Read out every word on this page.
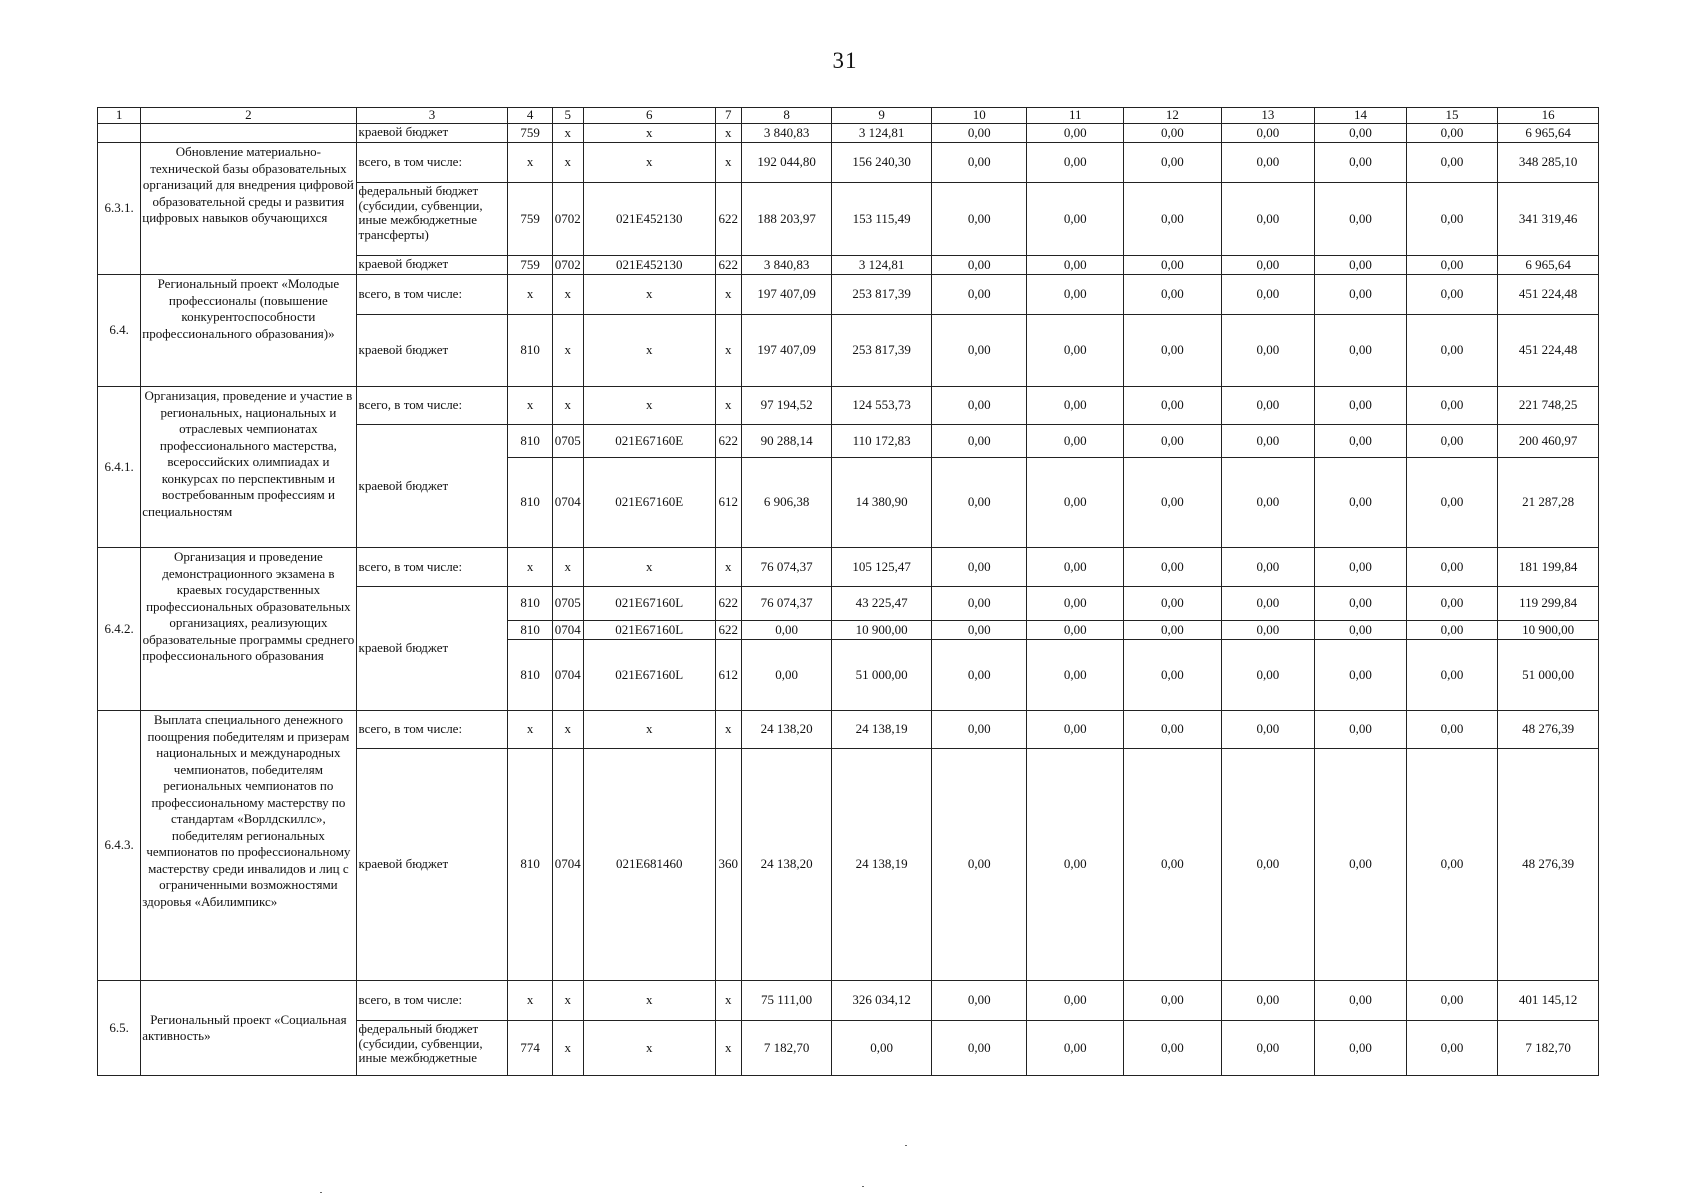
31
1	2	3	4	5	6	7	8	9	10	11	12	13	14	15	16
		краевой бюджет	759	x	x	x	3 840,83	3 124,81	0,00	0,00	0,00	0,00	0,00	0,00	6 965,64
6.3.1.	Обновление материально-технической базы образовательных организаций для внедрения цифровой образовательной среды и развития цифровых навыков обучающихся	всего, в том числе:	x	x	x	x	192 044,80	156 240,30	0,00	0,00	0,00	0,00	0,00	0,00	348 285,10
		федеральный бюджет (субсидии, субвенции, иные межбюджетные трансферты)	759	0702	021E452130	622	188 203,97	153 115,49	0,00	0,00	0,00	0,00	0,00	0,00	341 319,46
		краевой бюджет	759	0702	021E452130	622	3 840,83	3 124,81	0,00	0,00	0,00	0,00	0,00	0,00	6 965,64
6.4.	Региональный проект «Молодые профессионалы (повышение конкурентоспособности профессионального образования)»	всего, в том числе:	x	x	x	x	197 407,09	253 817,39	0,00	0,00	0,00	0,00	0,00	0,00	451 224,48
		краевой бюджет	810	x	x	x	197 407,09	253 817,39	0,00	0,00	0,00	0,00	0,00	0,00	451 224,48
6.4.1.	Организация, проведение и участие в региональных, национальных и отраслевых чемпионатах профессионального мастерства, всероссийских олимпиадах и конкурсах по перспективным и востребованным профессиям и специальностям	всего, в том числе:	x	x	x	x	97 194,52	124 553,73	0,00	0,00	0,00	0,00	0,00	0,00	221 748,25
		краевой бюджет	810	0705	021E67160E	622	90 288,14	110 172,83	0,00	0,00	0,00	0,00	0,00	0,00	200 460,97
			810	0704	021E67160E	612	6 906,38	14 380,90	0,00	0,00	0,00	0,00	0,00	0,00	21 287,28
6.4.2.	Организация и проведение демонстрационного экзамена в краевых государственных профессиональных образовательных организациях, реализующих образовательные программы среднего профессионального образования	всего, в том числе:	x	x	x	x	76 074,37	105 125,47	0,00	0,00	0,00	0,00	0,00	0,00	181 199,84
		краевой бюджет	810	0705	021E67160L	622	76 074,37	43 225,47	0,00	0,00	0,00	0,00	0,00	0,00	119 299,84
			810	0704	021E67160L	622	0,00	10 900,00	0,00	0,00	0,00	0,00	0,00	0,00	10 900,00
			810	0704	021E67160L	612	0,00	51 000,00	0,00	0,00	0,00	0,00	0,00	0,00	51 000,00
6.4.3.	Выплата специального денежного поощрения победителям и призерам национальных и международных чемпионатов, победителям региональных чемпионатов по профессиональному мастерству по стандартам «Ворлдскиллс», победителям региональных чемпионатов по профессиональному мастерству среди инвалидов и лиц с ограниченными возможностями здоровья «Абилимпикс»	всего, в том числе:	x	x	x	x	24 138,20	24 138,19	0,00	0,00	0,00	0,00	0,00	0,00	48 276,39
		краевой бюджет	810	0704	021E681460	360	24 138,20	24 138,19	0,00	0,00	0,00	0,00	0,00	0,00	48 276,39
6.5.	Региональный проект «Социальная активность»	всего, в том числе:	x	x	x	x	75 111,00	326 034,12	0,00	0,00	0,00	0,00	0,00	0,00	401 145,12
		федеральный бюджет (субсидии, субвенции, иные межбюджетные	774	x	x	x	7 182,70	0,00	0,00	0,00	0,00	0,00	0,00	0,00	7 182,70
